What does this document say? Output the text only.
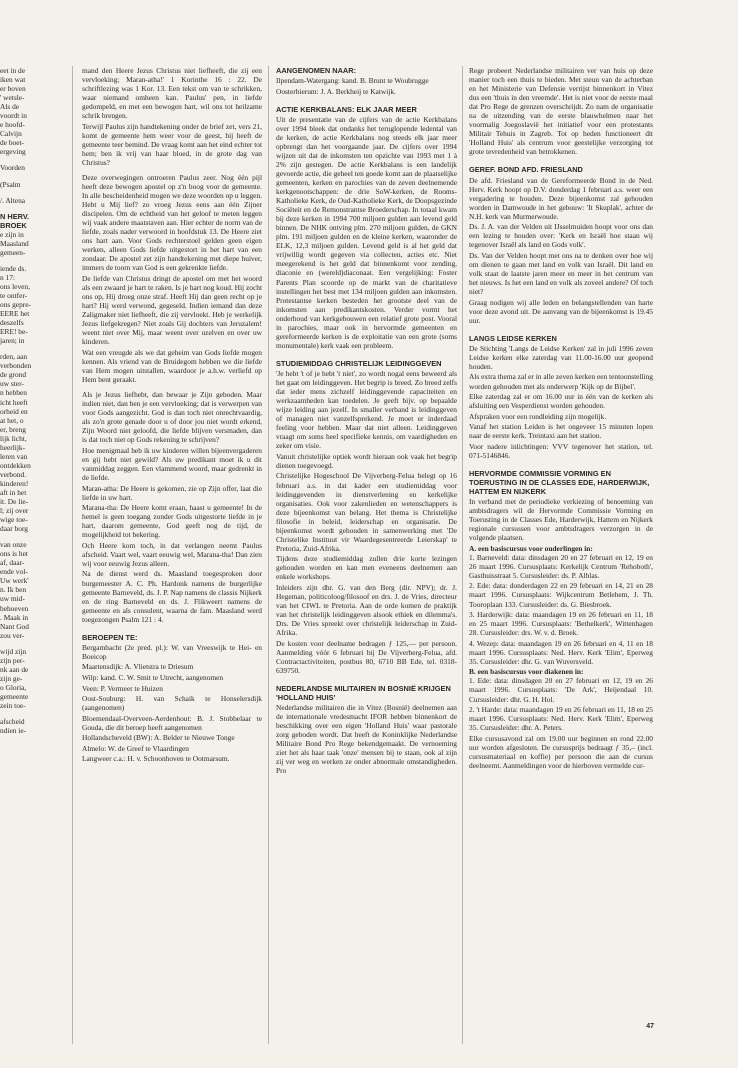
eet in de
iken wat
er boven
' wetsle-
Als de
voordt in
e hoofd-
Calvijn
de boet-
ergeving
Voorden
(Psalm
/. Altena
N HERV.
BROEK
e zijn in
Maasland
gemeen-
iende ds.
n 17:
ons leven,
te ontfer-
ons gepre-
EERE het
deszelfs
ERE! be-
jaren; in
rden, aan
verbonden
de grond
uw ster-
n hebben
icht heeft
orheid en
at het, o
er, breng
lijk licht,
heerlijk-
leren van
ontdekken
verbond.
kinderen!
aft in het
it. De lie-
l; zij over
wige toe-
daar borg
van onze
ons is het
af, daar-
ende vol-
Uw werk'
n. Ik ben
uw mid-
behoeven
. Maak in
Nant God
zou ver-
wijd zijn
zijn per-
nk aan de
zijn ge-
o Gloria,
gemeente
zein toe-
afscheid
ndien ie-

mand den Heere Jezus Christus niet liefheeft, die zij een vervloeking; Maran-atha!' 1 Korinthe 16 : 22. De schriftlezing was 1 Kor. 13. Een tekst om van te schrikken, waar niemand omheen kan. Paulus' pen, in liefde gedompeld, en met een bewogen hart, wil ons tot heilzame schrik brengen.

Terwijl Paulus zijn handtekening onder de brief zet, vers 21, komt de gemeente hem weer voor de geest, hij heeft de gemeente teer bemind. De vraag komt aan het eind echter tot hem; ben ik vrij van haar bloed, in de grote dag van Christus?

Deze overwegingen ontroeren Paulus zeer. Nog één pijl heeft deze bewogen apostel op z'n boog voor de gemeente. In alle bescheidenheid mogen we deze woorden op u leggen. Hebt u Mij lief? zo vroeg Jezus eens aan één Zijner discipelen. Om de echtheid van het geloof te meten leggen wij vaak andere maatstaven aan. Hier echter de norm van de liefde, zoals nader verwoord in hoofdstuk 13. De Heere ziet ons hart aan. Voor Gods rechterstoel gelden geen eigen werken, alleen Gods liefde uitgestort in het hart van een zondaar. De apostel zet zijn handtekening met diepe huiver, immers de toorn van God is een gekrenkte liefde.

De liefde van Christus dringt de apostel om met het woord als een zwaard je hart te raken. Is je hart nog koud. Hij zocht ons op, Hij droeg onze straf. Heeft Hij dan geen recht op je hart? Hij werd verwond, gegeseld. Indien iemand dan deze Zaligmaker niet liefheeft, die zij vervloekt. Heb je werkelijk Jezus liefgekregen? Niet zoals Gij dochters van Jeruzalem! weent niet over Mij, maar weent over uzelven en over uw kinderen.

Wat een vreugde als we dat geheim van Gods liefde mogen kennen. Als vriend van de Bruidegom hebben we die liefde van Hem mogen uitstallen, waardoor je a.h.w. verliefd op Hem bent geraakt.

Als je Jezus liefhebt, dan bewaar je Zijn geboden. Maar indien niet, dan ben je een vervloeking; dat is verwerpen van voor Gods aangezicht. God is dan toch niet onrechtvaardig, als zo'n grote genade door u of door jou niet wordt erkend, Zijn Woord niet geloofd, die liefde blijven versmaden, dan is dat toch niet op Gods rekening te schrijven?

Hoe menigmaal heb ik uw kinderen willen bijeenvergaderen en gij hebt niet gewild? Als uw predikant moet ik u dit vanmiddag zeggen. Een vlammend woord, maar gedrenkt in de liefde.

Maran-atha: De Heere is gekomen, zie op Zijn offer, laat die liefde in uw hart.

Marana-tha: De Heere komt eraan, haast u gemeente! In de hemel is geen toegang zonder Gods uitgestorte liefde in je hart, daarom gemeente, God geeft nog de tijd, de mogelijkheid tot bekering.

Och Heere kom toch, in dat verlangen neemt Paulus afscheid. Vaart wel, vaart eeuwig wel, Marana-tha! Dan zien wij voor eeuwig Jezus alleen.

Na de dienst werd ds. Maasland toegesproken door burgemeester A. C. Ph. Hardonk namens de burgerlijke gemeente Barneveld, ds. J. P. Nap namens de classis Nijkerk en de ring Barneveld en ds. J. Flikweert namens de gemeente en als consulent, waarna de fam. Maasland werd toegezongen Psalm 121 : 4.

BEROEPEN TE:

Bergambacht (2e pred. pl.): W. van Vreeswijk te Hei- en Boeicop

Maartensdijk: A. Vlietstra te Driesum

Wilp: kand. C. W. Smit te Utrecht, aangenomen

Veen: P. Vermeer te Huizen

Oost-Souburg: H. van Schaik te Honselersdijk (aangenomen)

Bloemendaal-Overveen-Aerdenhout: B. J. Stobbelaar te Gouda, die dit beroep heeft aangenomen

Hollandscheveld (BW): A. Belder te Nieuwe Tonge

Almelo: W. de Greef te Vlaardingen

Langweer c.a.: H. v. Schoonhoven te Ootmarsum.

AANGENOMEN NAAR:

Ilpendam-Watergang: kand. B. Brunt te Woubrugge

Oosterbierum: J. A. Berkheij te Katwijk.

ACTIE KERKBALANS: ELK JAAR MEER

Uit de presentatie van de cijfers van de actie Kerkbalans over 1994 bleek dat ondanks het teruglopende ledental van de kerken, de actie Kerkbalans nog steeds elk jaar meer opbrengt dan het voorgaande jaar. De cijfers over 1994 wijzen uit dat de inkomsten ten opzichte van 1993 met 1 à 2% zijn gestegen. De actie Kerkbalans is een landelijk gevoerde actie, die geheel ten goede komt aan de plaatselijke gemeenten, kerken en parochies van de zeven deelnemende kerkgenootschappen: de drie SoW-kerken, de Rooms-Katholieke Kerk, de Oud-Katholieke Kerk, de Doopsgezinde Sociëteit en de Remonstrantse Broederschap. In totaal kwam bij deze kerken in 1994 700 miljoen gulden aan levend geld binnen. De NHK ontving plm. 270 miljoen gulden, de GKN plm. 191 miljoen gulden en de kleine kerken, waaronder de ELK, 12,3 miljoen gulden. Levend geld is al het geld dat vrijwillig wordt gegeven via collecten, acties etc. Niet meegerekend is het geld dat binnenkomt voor zending, diaconie en (wereld)diaconaat. Een vergelijking: Foster Parents Plan scoorde op de markt van de charitatieve instellingen het best met 134 miljoen gulden aan inkomsten. Protestantse kerken besteden het grootste deel van de inkomsten aan predikantskosten. Verder vormt het onderhoud van kerkgebouwen een relatief grote post. Vooral in parochies, maar ook in hervormde gemeenten en gereformeerde kerken is de exploitatie van een grote (soms monumentale) kerk vaak een probleem.

STUDIEMIDDAG CHRISTELIJK LEIDINGGEVEN

'Je hebt 't of je hebt 't niet', zo wordt nogal eens beweerd als het gaat om leidinggeven. Het begrip is breed. Zo breed zelfs dat ieder mens zichzelf leidinggevende capaciteiten en werkzaamheden kan toedelen. Je geeft bijv. op bepaalde wijze leiding aan jezelf. In smaller verband is leidinggeven of managen niet vanzelfsprekend. Je moet er inderdaad feeling voor hebben. Maar dat niet alleen. Leidinggeven vraagt om soms heel specifieke kennis, om vaardigheden en zeker om visie.

Vanuit christelijke optiek wordt hieraan ook vaak het begrip dienen toegevoegd.

Christelijke Hogeschool De Vijverberg-Felua belegt op 16 februari a.s. in dat kader een studiemiddag voor leidinggevenden in dienstverlening en kerkelijke organisaties. Ook voor zakenlieden en wetenschappers is deze bijeenkomst van belang. Het thema is Christelijke filosofie in beleid, leiderschap en organisatie. De bijeenkomst wordt gehouden in samenwerking met 'De Christelike Instituut vir Waardegesentreerde Leierskap' te Pretoria, Zuid-Afrika.

Tijdens deze studiemiddag zullen drie korte lezingen gehouden worden en kan men eveneens deelnemen aan enkele workshops.

Inleiders zijn dhr. G. van den Berg (dir. NPV); dr. J. Hegeman, politicoloog/filosoof en drs. J. de Vries, directeur van het CIWL te Pretoria. Aan de orde komen de praktijk van het christelijk leidinggeven alsook ethiek en dilemma's. Drs. De Vries spreekt over christelijk leiderschap in Zuid-Afrika.

De kosten voor deelname bedragen ƒ 125,— per persoon. Aanmelding vóór 6 februari bij De Vijverberg-Felua, afd. Contractactiviteiten, postbus 80, 6710 BB Ede, tel. 0318-639750.

NEDERLANDSE MILITAIREN IN BOSNIË KRIJGEN 'HOLLAND HUIS'

Nederlandse militairen die in Vitez (Bosnië) deelnemen aan de internationale vredesmacht IFOR hebben binnenkort de beschikking over een eigen 'Holland Huis' waar pastorale zorg geboden wordt. Dat heeft de Koninklijke Nederlandse Militaire Bond Pro Rege bekendgemaakt. De vernoeming ziet het als haar taak 'onze' mensen bij te staan, ook al zijn zij ver weg en werken ze onder abnormale omstandigheden. Pro

Rege probeert Nederlandse militairen ver van huis op deze manier toch een thuis te bieden. Met steun van de achterban en het Ministerie van Defensie verrijst binnenkort in Vitez dus een 'thuis in den vreemde'. Het is niet voor de eerste maal dat Pro Rege de grenzen overschrijdt. Zo nam de organisatie na de uitzending van de eerste blauwhelmen naar het voormalig Joegoslavië het initiatief voor een protestants Militair Tehuis in Zagreb. Tot op heden functioneert dit 'Holland Huis' als centrum voor geestelijke verzorging tot grote tevredenheid van betrokkenen.

GEREF. BOND AFD. FRIESLAND

De afd. Friesland van de Gereformeerde Bond in de Ned. Herv. Kerk hoopt op D.V. donderdag 1 februari a.s. weer een vergadering te houden. Deze bijeenkomst zal gehouden worden in Damwoude in het gebouw: 'It Skuplak', achter de N.H. kerk van Murmerwoude.

Ds. J. A. van der Velden uit IJsselmuiden hoopt voor ons dan een lezing te houden over: 'Kerk en Israël hoe staan wij tegenover Israël als land en Gods volk'.

Ds. Van der Velden hoopt met ons na te denken over hoe wij om dienen te gaan met land en volk van Israël. Dit land en volk staat de laatste jaren meer en meer in het centrum van het nieuws. Is het een land en volk als zoveel andere? Of toch niet?

Graag nodigen wij alle leden en belangstellenden van harte voor deze avond uit. De aanvang van de bijeenkomst is 19.45 uur.

LANGS LEIDSE KERKEN

De Stichting 'Langs de Leidse Kerken' zal in juli 1996 zeven Leidse kerken elke zaterdag van 11.00-16.00 uur geopend houden.

Als extra thema zal er in alle zeven kerken een tentoonstelling worden gehouden met als onderwerp 'Kijk op de Bijbel'.

Elke zaterdag zal er om 16.00 uur in één van de kerken als afsluiting een Vesperdienst worden gehouden.

Afspraken voor een rondleiding zijn mogelijk.

Vanaf het station Leiden is het ongeveer 15 minuten lopen naar de eerste kerk. Treintaxi aan het station.

Voor nadere inlichtingen: VVV tegenover het station, tel. 071-5146846.

HERVORMDE COMMISSIE VORMING EN TOERUSTING IN DE CLASSES EDE, HARDERWIJK, HATTEM EN NIJKERK

In verband met de periodieke verkiezing of benoeming van ambtsdragers wil de Hervormde Commissie Vorming en Toerusting in de Classes Ede, Harderwijk, Hattem en Nijkerk regionale cursussen voor ambtsdragers verzorgen in de volgende plaatsen.

A. een basiscursus voor ouderlingen in:

1. Barneveld: data: dinsdagen 20 en 27 februari en 12, 19 en 26 maart 1996. Cursusplaats: Kerkelijk Centrum 'Rehoboth', Gasthuisstraat 5. Cursusleider: ds. P. Alblas.

2. Ede: data: donderdagen 22 en 29 februari en 14, 21 en 28 maart 1996. Cursusplaats: Wijkcentrum Betlehem, J. Th. Tooroplaan 133. Cursusleider: ds. G. Biesbroek.

3. Harderwijk: data: maandagen 19 en 26 februari en 11, 18 en 25 maart 1996. Cursusplaats: 'Bethelkerk', Wittenhagen 28. Cursusleider: drs. W. v. d. Broek.

4. Wezep: data: maandagen 19 en 26 februari en 4, 11 en 18 maart 1996. Cursusplaats: Ned. Herv. Kerk 'Elim', Eperweg 35. Cursusleider: dhr. G. van Wuversveld.

B. een basiscursus voor diakenen in:

1. Ede: data: dinsdagen 20 en 27 februari en 12, 19 en 26 maart 1996. Cursusplaats: 'De Ark', Heijendaal 10. Cursusleider: dhr. G. H. Hol.

2. 't Harde: data: maandagen 19 en 26 februari en 11, 18 en 25 maart 1996. Cursusplaats: Ned. Herv. Kerk 'Elim', Eperweg 35. Cursusleider: dhr. A. Peters.

Elke cursusavond zal om 19.00 uur beginnen en rond 22.00 uur worden afgesloten. De cursusprijs bedraagt ƒ 35,– (incl. cursusmateriaal en koffie) per persoon die aan de cursus deelneemt. Aanmeldingen voor de hierboven vermelde cur-

47
